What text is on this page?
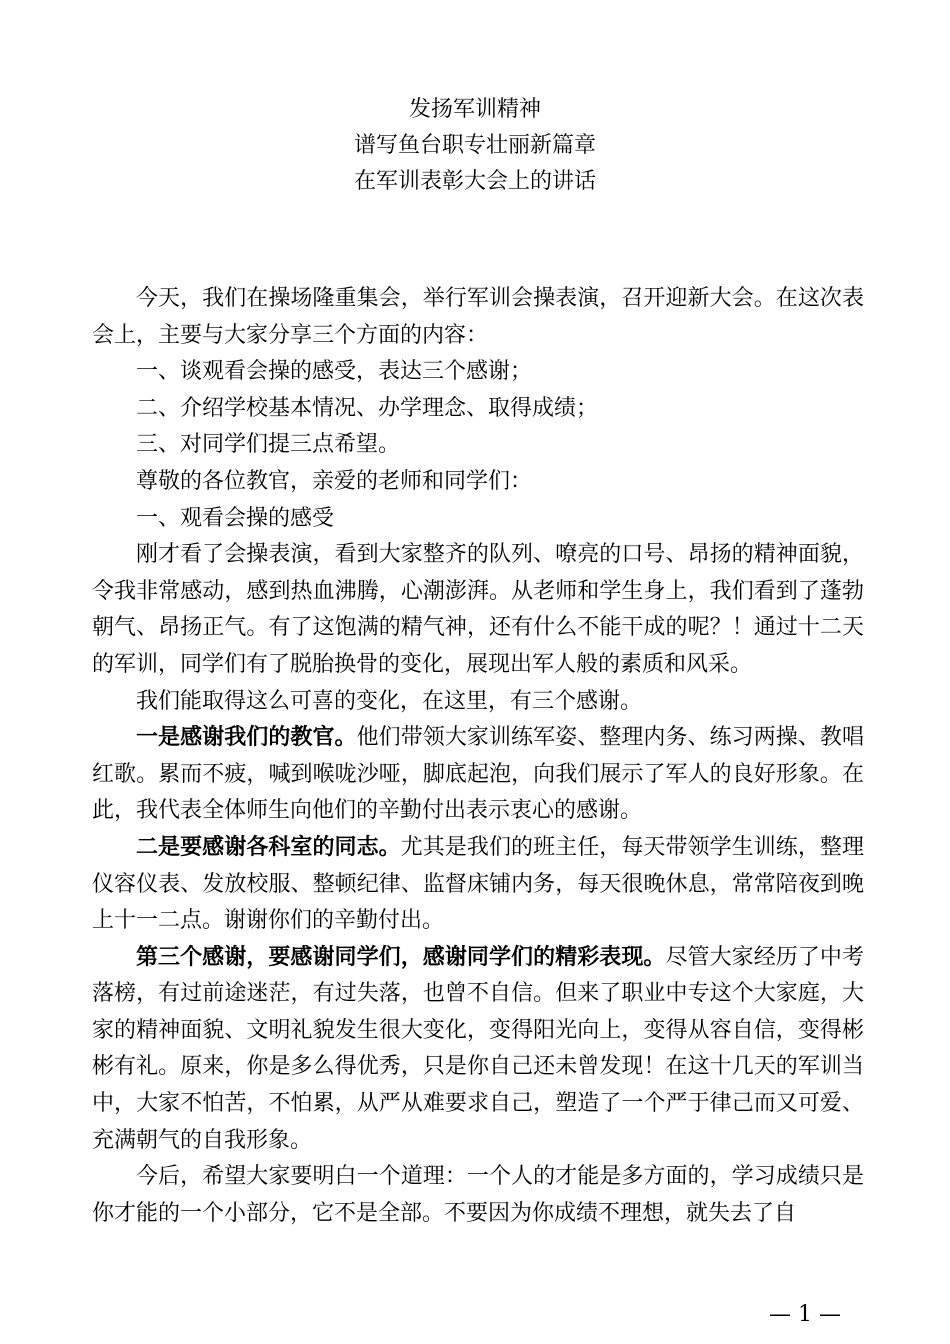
发扬军训精神
谱写鱼台职专壮丽新篇章
在军训表彰大会上的讲话

今天，我们在操场隆重集会，举行军训会操表演，召开迎新大会。在这次表会上，主要与大家分享三个方面的内容：

一、谈观看会操的感受，表达三个感谢；

二、介绍学校基本情况、办学理念、取得成绩；

三、对同学们提三点希望。

尊敬的各位教官，亲爱的老师和同学们：

一、观看会操的感受

刚才看了会操表演，看到大家整齐的队列、嘹亮的口号、昂扬的精神面貌，令我非常感动，感到热血沸腾，心潮澎湃。从老师和学生身上，我们看到了蓬勃朝气、昂扬正气。有了这饱满的精气神，还有什么不能干成的呢？！通过十二天的军训，同学们有了脱胎换骨的变化，展现出军人般的素质和风采。

我们能取得这么可喜的变化，在这里，有三个感谢。

一是感谢我们的教官。他们带领大家训练军姿、整理内务、练习两操、教唱红歌。累而不疲，喊到喉咙沙哑，脚底起泡，向我们展示了军人的良好形象。在此，我代表全体师生向他们的辛勤付出表示衷心的感谢。

二是要感谢各科室的同志。尤其是我们的班主任，每天带领学生训练，整理仪容仪表、发放校服、整顿纪律、监督床铺内务，每天很晚休息，常常陪夜到晚上十一二点。谢谢你们的辛勤付出。

第三个感谢，要感谢同学们，感谢同学们的精彩表现。尽管大家经历了中考落榜，有过前途迷茫，有过失落，也曾不自信。但来了职业中专这个大家庭，大家的精神面貌、文明礼貌发生很大变化，变得阳光向上，变得从容自信，变得彬彬有礼。原来，你是多么得优秀，只是你自己还未曾发现！在这十几天的军训当中，大家不怕苦，不怕累，从严从难要求自己，塑造了一个严于律己而又可爱、充满朝气的自我形象。

今后，希望大家要明白一个道理：一个人的才能是多方面的，学习成绩只是你才能的一个小部分，它不是全部。不要因为你成绩不理想，就失去了自

— 1 —
